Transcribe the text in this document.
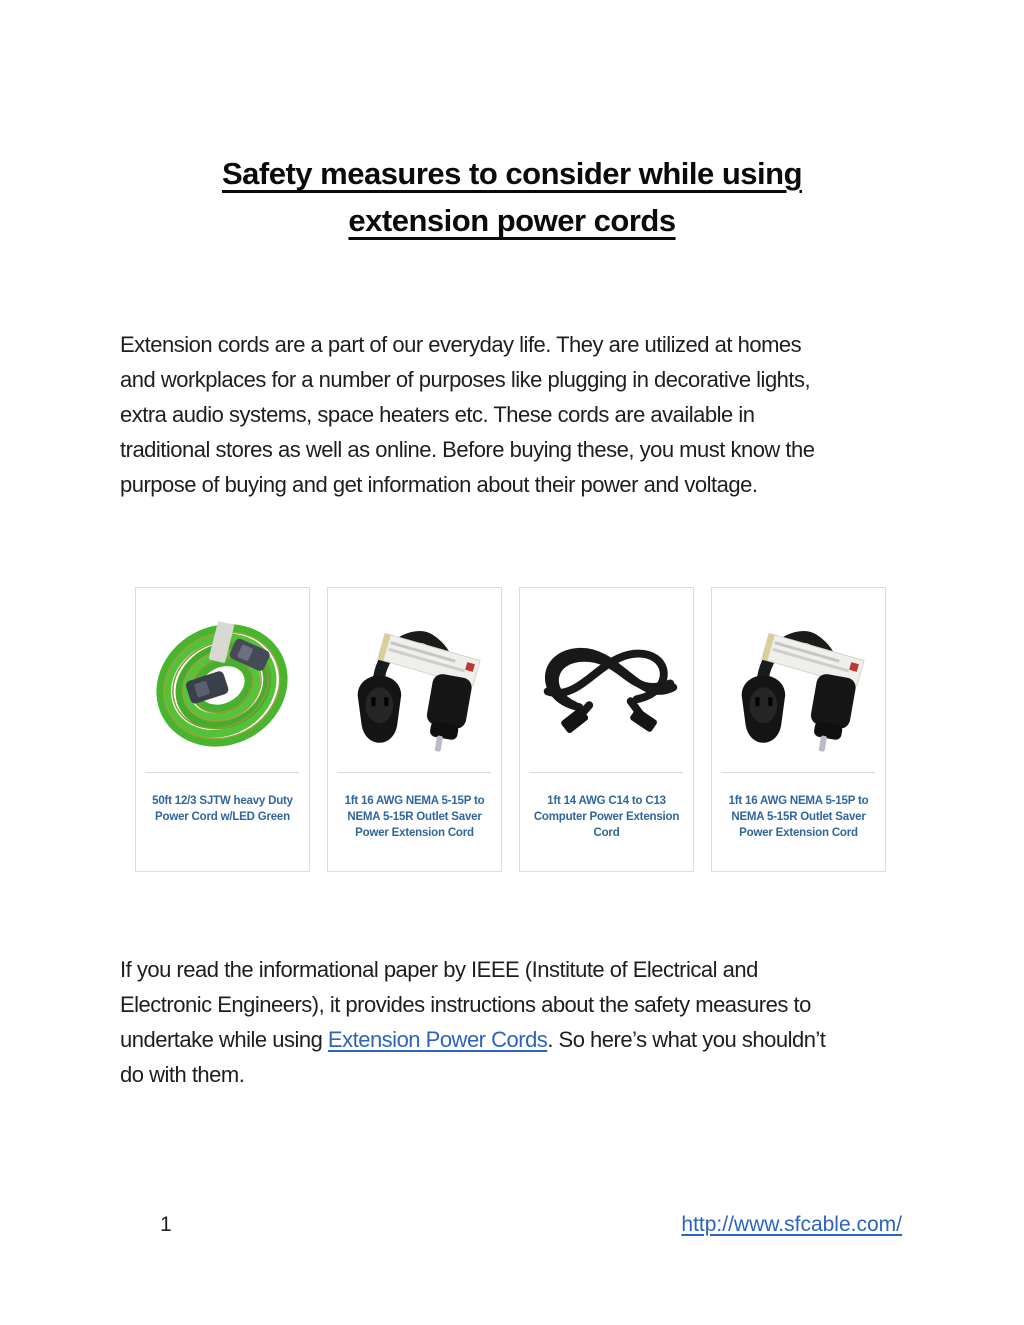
Safety measures to consider while using
extension power cords
Extension cords are a part of our everyday life. They are utilized at homes
and workplaces for a number of purposes like plugging in decorative lights,
extra audio systems, space heaters etc. These cords are available in
traditional stores as well as online. Before buying these, you must know the
purpose of buying and get information about their power and voltage.
50ft 12/3 SJTW heavy Duty
Power Cord w/LED Green
1ft 16 AWG NEMA 5-15P to
NEMA 5-15R Outlet Saver
Power Extension Cord
1ft 14 AWG C14 to C13
Computer Power Extension
Cord
1ft 16 AWG NEMA 5-15P to
NEMA 5-15R Outlet Saver
Power Extension Cord
If you read the informational paper by IEEE (Institute of Electrical and
Electronic Engineers), it provides instructions about the safety measures to
undertake while using Extension Power Cords. So here’s what you shouldn’t
do with them.
1	http://www.sfcable.com/
